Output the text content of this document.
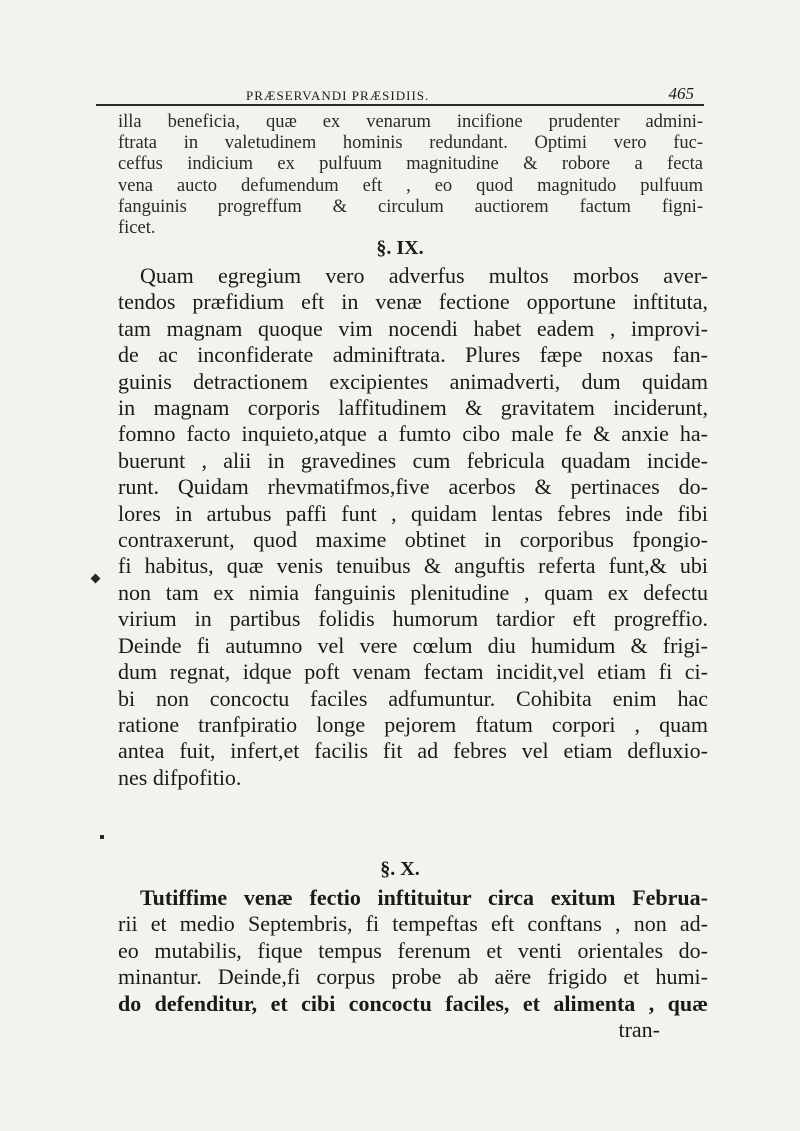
PRÆSERVANDI PRÆSIDIIS.	465
illa beneficia, quæ ex venarum incifione prudenter admini-
ftrata in valetudinem hominis redundant. Optimi vero fuc-
ceffus indicium ex pulfuum magnitudine & robore a fecta
vena aucto defumendum eft , eo quod magnitudo pulfuum
fanguinis progreffum & circulum auctiorem factum figni-
ficet.
§. IX.
Quam egregium vero adverfus multos morbos aver-
tendos præfidium eft in venæ fectione opportune inftituta,
tam magnam quoque vim nocendi habet eadem , improvi-
de ac inconfiderate adminiftrata. Plures fæpe noxas fan-
guinis detractionem excipientes animadverti, dum quidam
in magnam corporis laffitudinem & gravitatem inciderunt,
fomno facto inquieto,atque a fumto cibo male fe & anxie ha-
buerunt , alii in gravedines cum febricula quadam incide-
runt. Quidam rhevmatifmos,five acerbos & pertinaces do-
lores in artubus paffi funt , quidam lentas febres inde fibi
contraxerunt, quod maxime obtinet in corporibus fpongio-
fi habitus, quæ venis tenuibus & anguftis referta funt,& ubi
non tam ex nimia fanguinis plenitudine , quam ex defectu
virium in partibus folidis humorum tardior eft progreffio.
Deinde fi autumno vel vere cœlum diu humidum & frigi-
dum regnat, idque poft venam fectam incidit,vel etiam fi ci-
bi non concoctu faciles adfumuntur. Cohibita enim hac
ratione tranfpiratio longe pejorem ftatum corpori , quam
antea fuit, infert,et facilis fit ad febres vel etiam defluxio-
nes difpofitio.
§. X.
Tutiffime venæ fectio inftituitur circa exitum Februa-
rii et medio Septembris, fi tempeftas eft conftans , non ad-
eo mutabilis, fique tempus ferenum et venti orientales do-
minantur. Deinde,fi corpus probe ab aëre frigido et humi-
do defenditur, et cibi concoctu faciles, et alimenta , quæ
tran-
